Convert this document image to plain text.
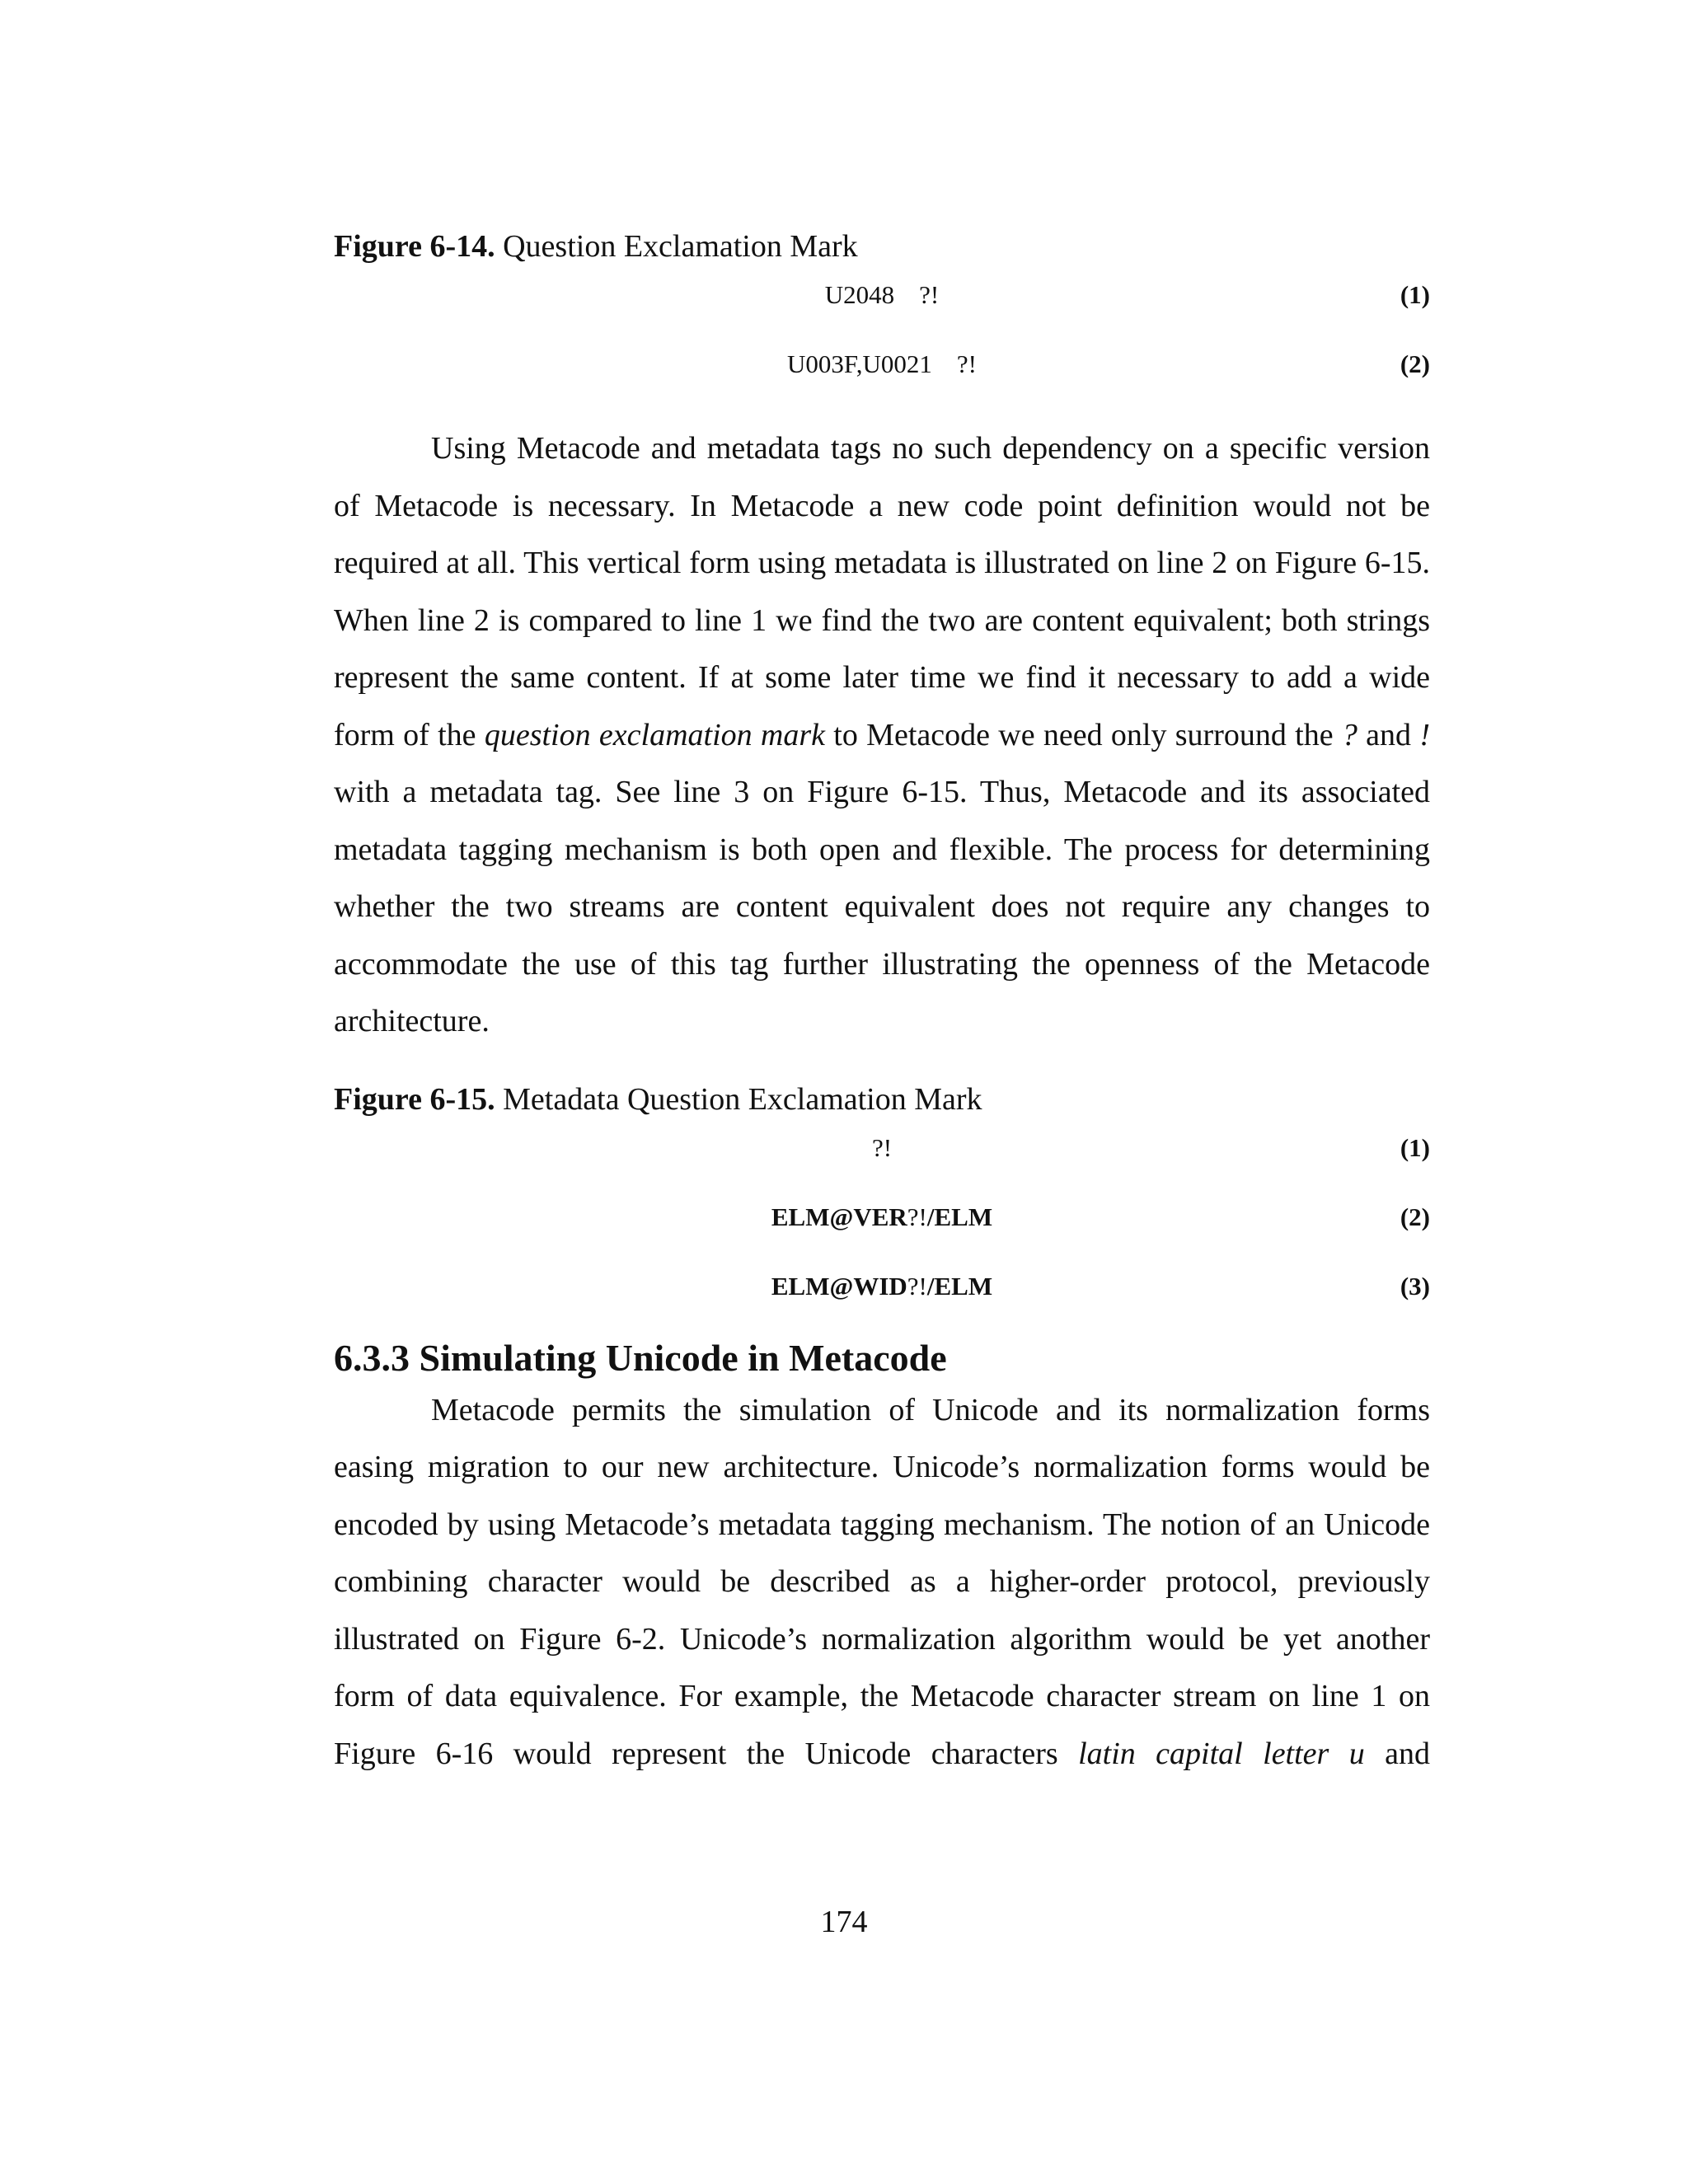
Figure 6-14. Question Exclamation Mark

U2048 ?!	(1)
U003F,U0021 ?!	(2)

Using Metacode and metadata tags no such dependency on a specific version of Metacode is necessary. In Metacode a new code point definition would not be required at all. This vertical form using metadata is illustrated on line 2 on Figure 6-15. When line 2 is compared to line 1 we find the two are content equivalent; both strings represent the same content. If at some later time we find it necessary to add a wide form of the question exclamation mark to Metacode we need only surround the ? and ! with a metadata tag. See line 3 on Figure 6-15. Thus, Metacode and its associated metadata tagging mechanism is both open and flexible. The process for determining whether the two streams are content equivalent does not require any changes to accommodate the use of this tag further illustrating the openness of the Metacode architecture.

Figure 6-15. Metadata Question Exclamation Mark

?!	(1)
ELM@VER?!/ELM	(2)
ELM@WID?!/ELM	(3)
6.3.3 Simulating Unicode in Metacode

Metacode permits the simulation of Unicode and its normalization forms easing migration to our new architecture. Unicode’s normalization forms would be encoded by using Metacode’s metadata tagging mechanism. The notion of an Unicode combining character would be described as a higher-order protocol, previously illustrated on Figure 6-2. Unicode’s normalization algorithm would be yet another form of data equivalence. For example, the Metacode character stream on line 1 on Figure 6-16 would represent the Unicode characters latin capital letter u and

174
